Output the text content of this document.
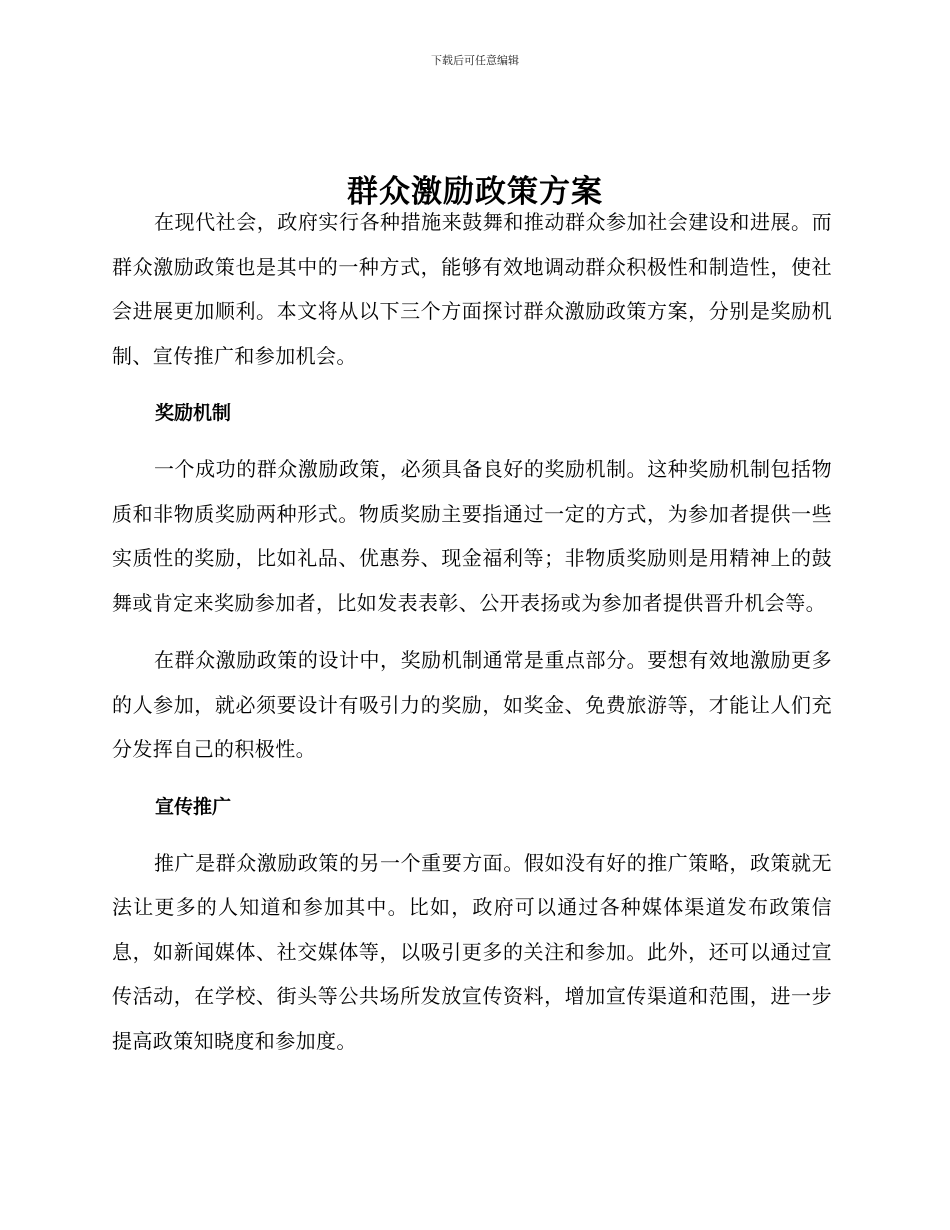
下载后可任意编辑
群众激励政策方案

在现代社会，政府实行各种措施来鼓舞和推动群众参加社会建设和进展。而群众激励政策也是其中的一种方式，能够有效地调动群众积极性和制造性，使社会进展更加顺利。本文将从以下三个方面探讨群众激励政策方案，分别是奖励机制、宣传推广和参加机会。

奖励机制

一个成功的群众激励政策，必须具备良好的奖励机制。这种奖励机制包括物质和非物质奖励两种形式。物质奖励主要指通过一定的方式，为参加者提供一些实质性的奖励，比如礼品、优惠券、现金福利等；非物质奖励则是用精神上的鼓舞或肯定来奖励参加者，比如发表表彰、公开表扬或为参加者提供晋升机会等。

在群众激励政策的设计中，奖励机制通常是重点部分。要想有效地激励更多的人参加，就必须要设计有吸引力的奖励，如奖金、免费旅游等，才能让人们充分发挥自己的积极性。

宣传推广

推广是群众激励政策的另一个重要方面。假如没有好的推广策略，政策就无法让更多的人知道和参加其中。比如，政府可以通过各种媒体渠道发布政策信息，如新闻媒体、社交媒体等，以吸引更多的关注和参加。此外，还可以通过宣传活动，在学校、街头等公共场所发放宣传资料，增加宣传渠道和范围，进一步提高政策知晓度和参加度。
